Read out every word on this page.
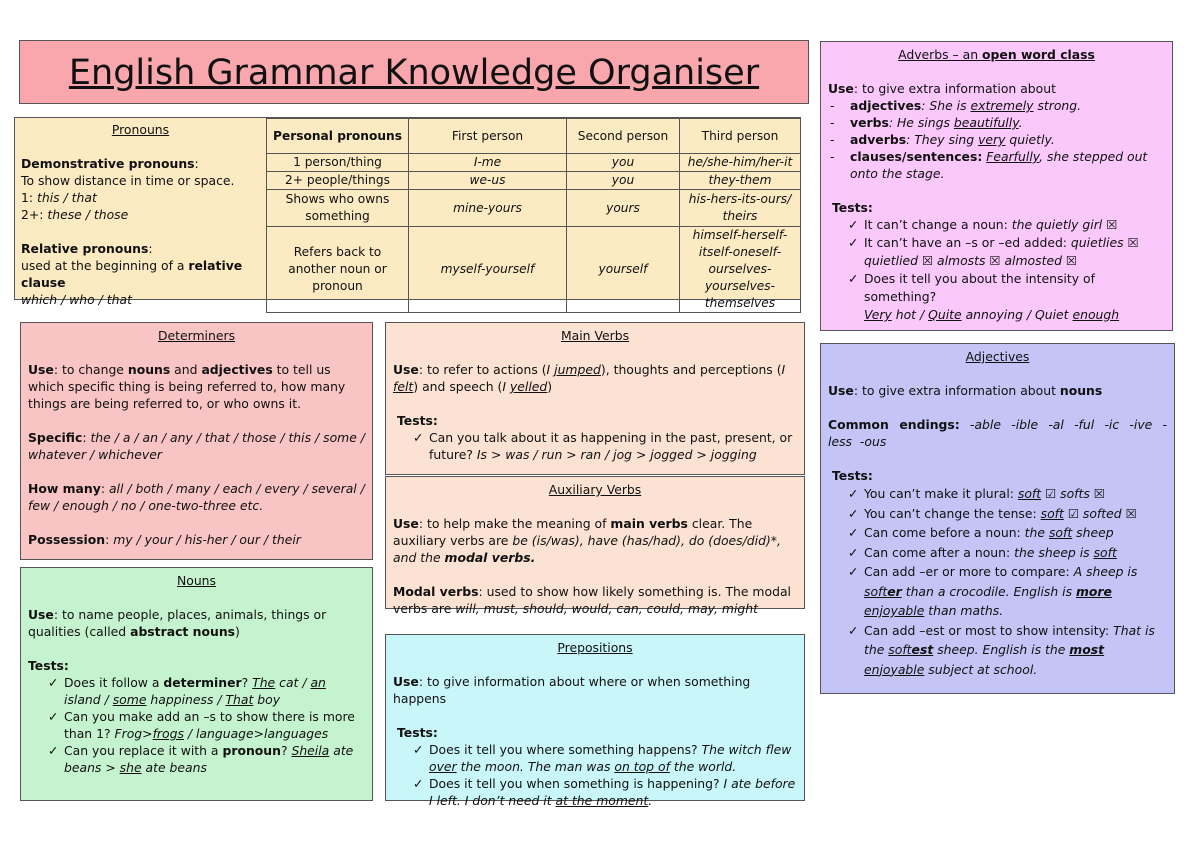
English Grammar Knowledge Organiser
Pronouns
Demonstrative pronouns:
To show distance in time or space.
1: this / that
2+: these / those
Relative pronouns:
used at the beginning of a relative clause
which / who / that
Personal pronouns	First person	Second person	Third person
1 person/thing	I-me	you	he/she-him/her-it
2+ people/things	we-us	you	they-them
Shows who owns something	mine-yours	yours	his-hers-its-ours/ theirs
Refers back to another noun or pronoun	myself-yourself	yourself	himself-herself-itself-oneself-ourselves-yourselves-themselves
Adverbs – an open word class
Use: to give extra information about
- adjectives: She is extremely strong.
- verbs: He sings beautifully.
- adverbs: They sing very quietly.
- clauses/sentences: Fearfully, she stepped out onto the stage.
Tests:
✓ It can’t change a noun: the quietly girl ☒
✓ It can’t have an –s or –ed added: quietlies ☒ quietlied ☒ almosts ☒ almosted ☒
✓ Does it tell you about the intensity of something?
Very hot / Quite annoying / Quiet enough
Determiners
Use: to change nouns and adjectives to tell us which specific thing is being referred to, how many things are being referred to, or who owns it.
Specific: the / a / an / any / that / those / this / some / whatever / whichever
How many: all / both / many / each / every / several / few / enough / no / one-two-three etc.
Possession: my / your / his-her / our / their
Main Verbs
Use: to refer to actions (I jumped), thoughts and perceptions (I felt) and speech (I yelled)
Tests:
✓ Can you talk about it as happening in the past, present, or future? Is > was / run > ran / jog > jogged > jogging
Auxiliary Verbs
Use: to help make the meaning of main verbs clear. The auxiliary verbs are be (is/was), have (has/had), do (does/did)*, and the modal verbs.
Modal verbs: used to show how likely something is. The modal verbs are will, must, should, would, can, could, may, might
Adjectives
Use: to give extra information about nouns
Common endings: -able -ible -al -ful -ic -ive -less -ous
Tests:
✓ You can’t make it plural: soft ☑ softs ☒
✓ You can’t change the tense: soft ☑ softed ☒
✓ Can come before a noun: the soft sheep
✓ Can come after a noun: the sheep is soft
✓ Can add –er or more to compare: A sheep is softer than a crocodile. English is more enjoyable than maths.
✓ Can add –est or most to show intensity: That is the softest sheep. English is the most enjoyable subject at school.
Nouns
Use: to name people, places, animals, things or qualities (called abstract nouns)
Tests:
✓ Does it follow a determiner? The cat / an island / some happiness / That boy
✓ Can you make add an –s to show there is more than 1? Frog>frogs / language>languages
✓ Can you replace it with a pronoun? Sheila ate beans > she ate beans
Prepositions
Use: to give information about where or when something happens
Tests:
✓ Does it tell you where something happens? The witch flew over the moon. The man was on top of the world.
✓ Does it tell you when something is happening? I ate before I left. I don’t need it at the moment.
